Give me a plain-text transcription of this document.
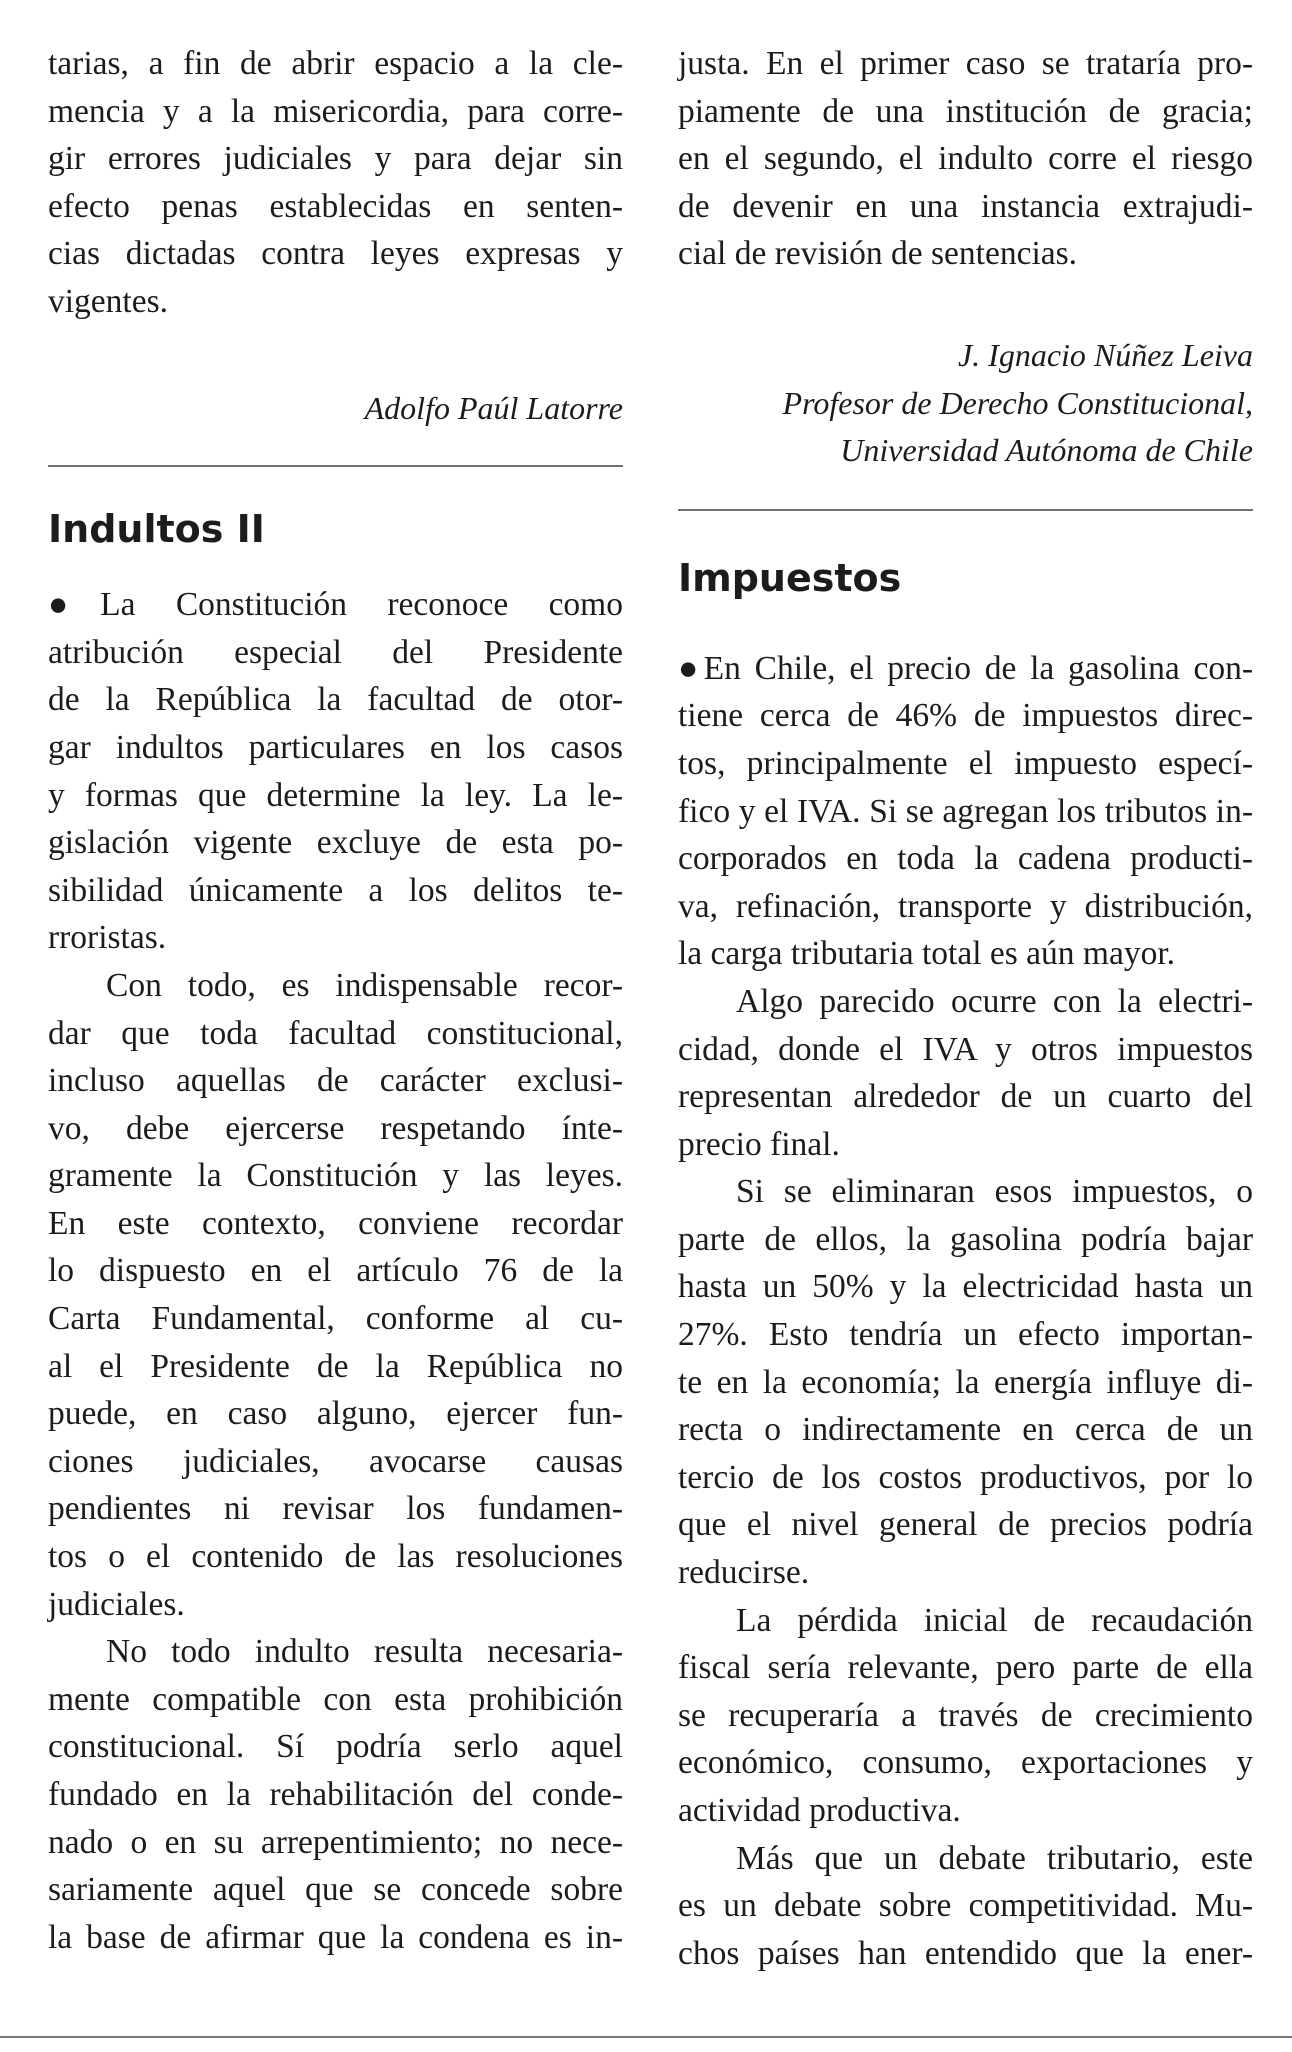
tarias, a fin de abrir espacio a la cle-
mencia y a la misericordia, para corre-
gir errores judiciales y para dejar sin
efecto penas establecidas en senten-
cias dictadas contra leyes expresas y
vigentes.
Adolfo Paúl Latorre
Indultos II
●La Constitución reconoce como
atribución especial del Presidente
de la República la facultad de otor-
gar indultos particulares en los casos
y formas que determine la ley. La le-
gislación vigente excluye de esta po-
sibilidad únicamente a los delitos te-
rroristas.
Con todo, es indispensable recor-
dar que toda facultad constitucional,
incluso aquellas de carácter exclusi-
vo, debe ejercerse respetando ínte-
gramente la Constitución y las leyes.
En este contexto, conviene recordar
lo dispuesto en el artículo 76 de la
Carta Fundamental, conforme al cu-
al el Presidente de la República no
puede, en caso alguno, ejercer fun-
ciones judiciales, avocarse causas
pendientes ni revisar los fundamen-
tos o el contenido de las resoluciones
judiciales.
No todo indulto resulta necesaria-
mente compatible con esta prohibición
constitucional. Sí podría serlo aquel
fundado en la rehabilitación del conde-
nado o en su arrepentimiento; no nece-
sariamente aquel que se concede sobre
la base de afirmar que la condena es in-
justa. En el primer caso se trataría pro-
piamente de una institución de gracia;
en el segundo, el indulto corre el riesgo
de devenir en una instancia extrajudi-
cial de revisión de sentencias.
J. Ignacio Núñez Leiva
Profesor de Derecho Constitucional,
Universidad Autónoma de Chile
Impuestos
●En Chile, el precio de la gasolina con-
tiene cerca de 46% de impuestos direc-
tos, principalmente el impuesto especí-
fico y el IVA. Si se agregan los tributos in-
corporados en toda la cadena producti-
va, refinación, transporte y distribución,
la carga tributaria total es aún mayor.
Algo parecido ocurre con la electri-
cidad, donde el IVA y otros impuestos
representan alrededor de un cuarto del
precio final.
Si se eliminaran esos impuestos, o
parte de ellos, la gasolina podría bajar
hasta un 50% y la electricidad hasta un
27%. Esto tendría un efecto importan-
te en la economía; la energía influye di-
recta o indirectamente en cerca de un
tercio de los costos productivos, por lo
que el nivel general de precios podría
reducirse.
La pérdida inicial de recaudación
fiscal sería relevante, pero parte de ella
se recuperaría a través de crecimiento
económico, consumo, exportaciones y
actividad productiva.
Más que un debate tributario, este
es un debate sobre competitividad. Mu-
chos países han entendido que la ener-
